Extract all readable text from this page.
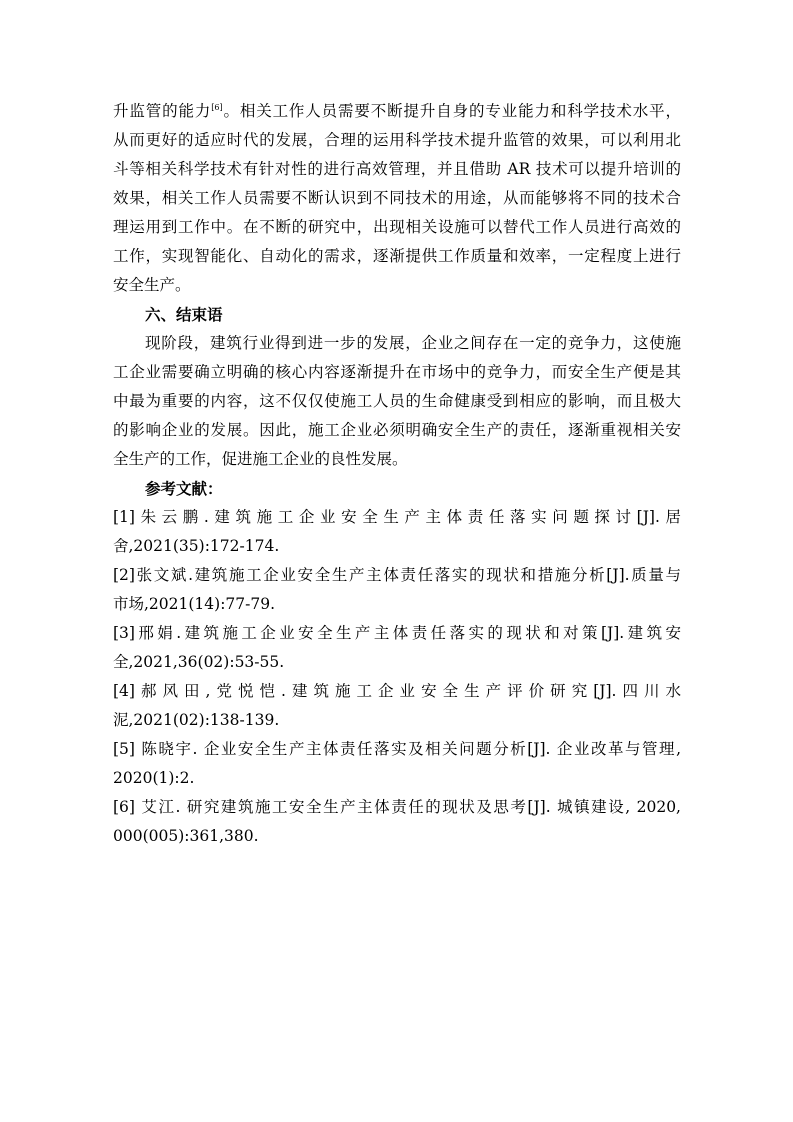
升监管的能力[6]。相关工作人员需要不断提升自身的专业能力和科学技术水平，
从而更好的适应时代的发展，合理的运用科学技术提升监管的效果，可以利用北
斗等相关科学技术有针对性的进行高效管理，并且借助 AR 技术可以提升培训的
效果，相关工作人员需要不断认识到不同技术的用途，从而能够将不同的技术合
理运用到工作中。在不断的研究中，出现相关设施可以替代工作人员进行高效的
工作，实现智能化、自动化的需求，逐渐提供工作质量和效率，一定程度上进行
安全生产。
六、结束语
现阶段，建筑行业得到进一步的发展，企业之间存在一定的竞争力，这使施
工企业需要确立明确的核心内容逐渐提升在市场中的竞争力，而安全生产便是其
中最为重要的内容，这不仅仅使施工人员的生命健康受到相应的影响，而且极大
的影响企业的发展。因此，施工企业必须明确安全生产的责任，逐渐重视相关安
全生产的工作，促进施工企业的良性发展。
参考文献：
[1]朱云鹏.建筑施工企业安全生产主体责任落实问题探讨[J].居
舍,2021(35):172-174.
[2]张文斌.建筑施工企业安全生产主体责任落实的现状和措施分析[J].质量与
市场,2021(14):77-79.
[3]邢娟.建筑施工企业安全生产主体责任落实的现状和对策[J].建筑安
全,2021,36(02):53-55.
[4]郝风田,党悦恺.建筑施工企业安全生产评价研究[J].四川水
泥,2021(02):138-139.
[5] 陈晓宇. 企业安全生产主体责任落实及相关问题分析[J]. 企业改革与管理,
2020(1):2.
[6] 艾江. 研究建筑施工安全生产主体责任的现状及思考[J]. 城镇建设, 2020,
000(005):361,380.
